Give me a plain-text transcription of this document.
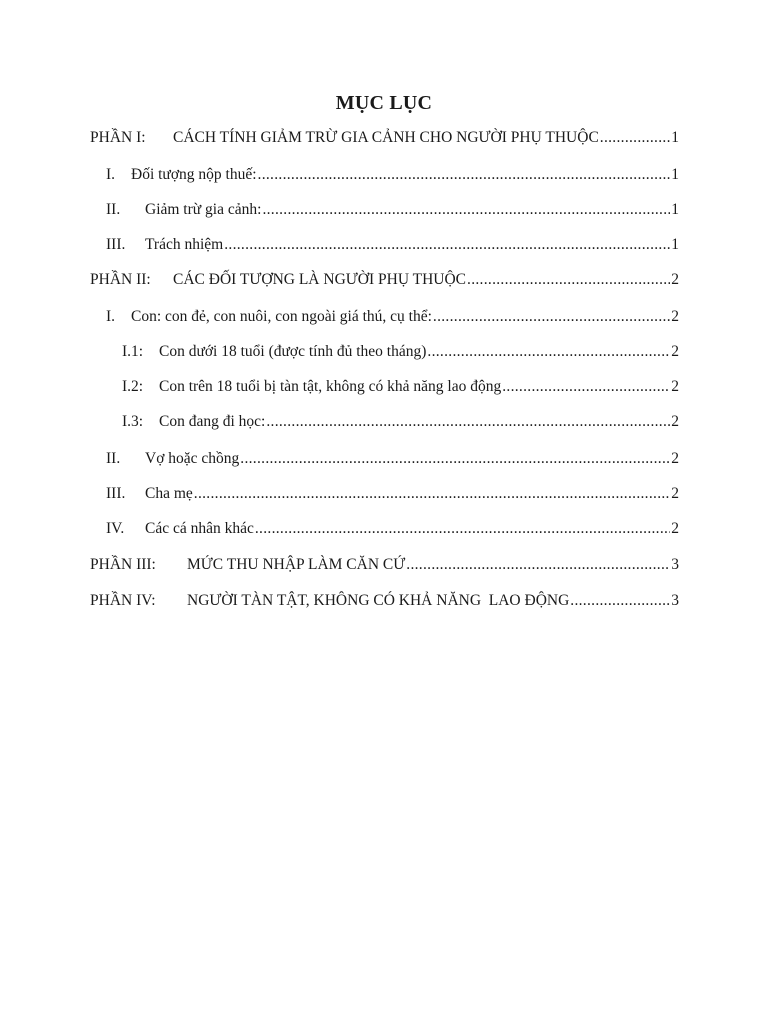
MỤC LỤC
PHẦN I:	CÁCH TÍNH GIẢM TRỪ GIA CẢNH CHO NGƯỜI PHỤ THUỘC .....	1
I.	Đối tượng nộp thuế: .....	1
II.	Giảm trừ gia cảnh: .....	1
III.	Trách nhiệm .....	1
PHẦN II:	CÁC ĐỐI TƯỢNG LÀ NGƯỜI PHỤ THUỘC .....	2
I.	Con: con đẻ, con nuôi, con ngoài giá thú, cụ thể: .....	2
I.1:	Con dưới 18 tuổi (được tính đủ theo tháng) .....	2
I.2:	Con trên 18 tuổi bị tàn tật, không có khả năng lao động .....	2
I.3:	Con đang đi học: .....	2
II.	Vợ hoặc chồng .....	2
III.	Cha mẹ .....	2
IV.	Các cá nhân khác .....	2
PHẦN III:	MỨC THU NHẬP LÀM CĂN CỨ .....	3
PHẦN IV:	NGƯỜI TÀN TẬT, KHÔNG CÓ KHẢ NĂNG  LAO ĐỘNG .....	3
